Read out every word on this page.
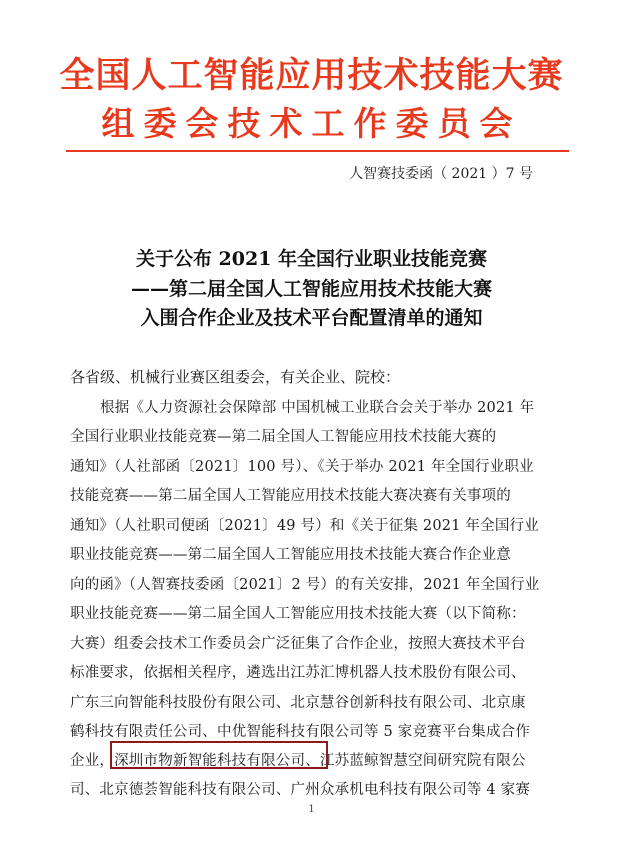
全国人工智能应用技术技能大赛
组委会技术工作委员会
人智赛技委函（ 2021 ）7 号
关于公布 2021 年全国行业职业技能竞赛
——第二届全国人工智能应用技术技能大赛
入围合作企业及技术平台配置清单的通知
各省级、机械行业赛区组委会，有关企业、院校：
根据《人力资源社会保障部 中国机械工业联合会关于举办 2021 年
全国行业职业技能竞赛—第二届全国人工智能应用技术技能大赛的
通知》（人社部函〔2021〕100 号）、《关于举办 2021 年全国行业职业
技能竞赛——第二届全国人工智能应用技术技能大赛决赛有关事项的
通知》（人社职司便函〔2021〕49 号）和《关于征集 2021 年全国行业
职业技能竞赛——第二届全国人工智能应用技术技能大赛合作企业意
向的函》（人智赛技委函〔2021〕2 号）的有关安排，2021 年全国行业
职业技能竞赛——第二届全国人工智能应用技术技能大赛（以下简称：
大赛）组委会技术工作委员会广泛征集了合作企业，按照大赛技术平台
标准要求，依据相关程序，遴选出江苏汇博机器人技术股份有限公司、
广东三向智能科技股份有限公司、北京慧谷创新科技有限公司、北京康
鹤科技有限责任公司、中优智能科技有限公司等 5 家竞赛平台集成合作
企业，深圳市物新智能科技有限公司、江苏蓝鲸智慧空间研究院有限公
司、北京德荟智能科技有限公司、广州众承机电科技有限公司等 4 家赛
1
